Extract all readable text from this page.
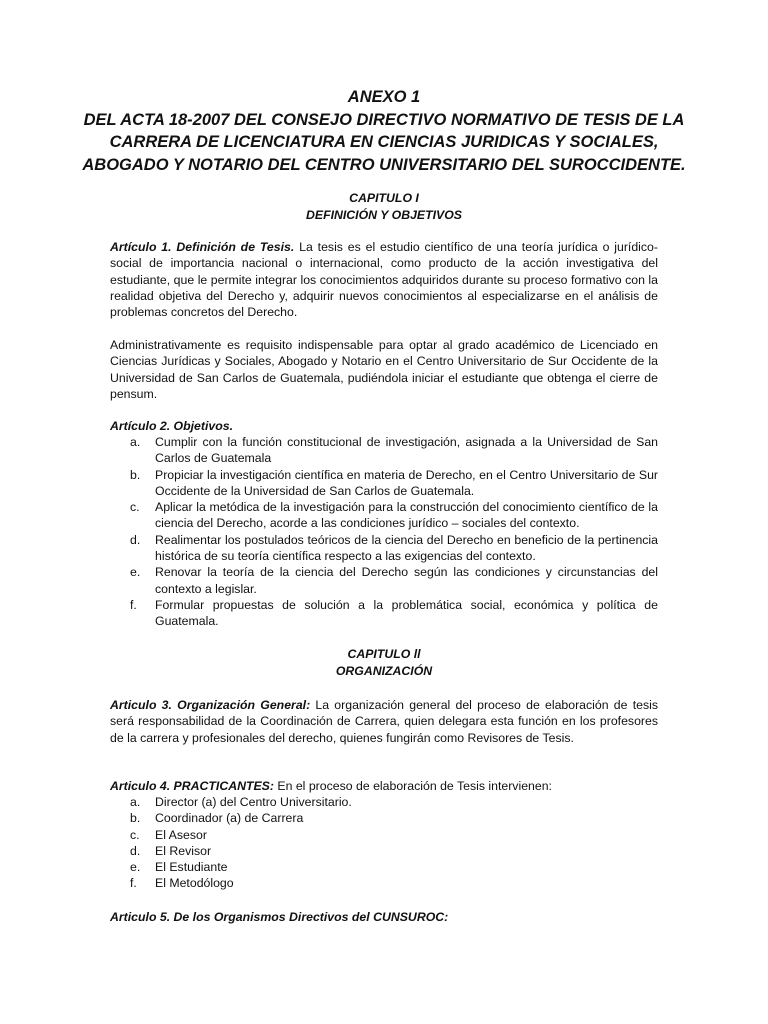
ANEXO 1
DEL ACTA 18-2007 DEL CONSEJO DIRECTIVO NORMATIVO DE TESIS DE LA
CARRERA DE LICENCIATURA EN CIENCIAS JURIDICAS Y SOCIALES,
ABOGADO Y NOTARIO DEL CENTRO UNIVERSITARIO DEL SUROCCIDENTE.
CAPITULO I
DEFINICIÓN Y OBJETIVOS

Artículo 1. Definición de Tesis. La tesis es el estudio científico de una teoría jurídica o jurídico-social de importancia nacional o internacional, como producto de la acción investigativa del estudiante, que le permite integrar los conocimientos adquiridos durante su proceso formativo con la realidad objetiva del Derecho y, adquirir nuevos conocimientos al especializarse en el análisis de problemas concretos del Derecho.

Administrativamente es requisito indispensable para optar al grado académico de Licenciado en Ciencias Jurídicas y Sociales, Abogado y Notario en el Centro Universitario de Sur Occidente de la Universidad de San Carlos de Guatemala, pudiéndola iniciar el estudiante que obtenga el cierre de pensum.

Artículo 2. Objetivos.
a. Cumplir con la función constitucional de investigación, asignada a la Universidad de San Carlos de Guatemala
b. Propiciar la investigación científica en materia de Derecho, en el Centro Universitario de Sur Occidente de la Universidad de San Carlos de Guatemala.
c. Aplicar la metódica de la investigación para la construcción del conocimiento científico de la ciencia del Derecho, acorde a las condiciones jurídico – sociales del contexto.
d. Realimentar los postulados teóricos de la ciencia del Derecho en beneficio de la pertinencia histórica de su teoría científica respecto a las exigencias del contexto.
e. Renovar la teoría de la ciencia del Derecho según las condiciones y circunstancias del contexto a legislar.
f. Formular propuestas de solución a la problemática social, económica y política de Guatemala.
CAPITULO ll
ORGANIZACIÓN

Articulo 3. Organización General: La organización general del proceso de elaboración de tesis será responsabilidad de la Coordinación de Carrera, quien delegara esta función en los profesores de la carrera y profesionales del derecho, quienes fungirán como Revisores de Tesis.

Articulo 4. PRACTICANTES: En el proceso de elaboración de Tesis intervienen:

a. Director (a) del Centro Universitario.
b. Coordinador (a) de Carrera
c. El Asesor
d. El Revisor
e. El Estudiante
f. El Metodólogo
Articulo 5. De los Organismos Directivos del CUNSUROC:
